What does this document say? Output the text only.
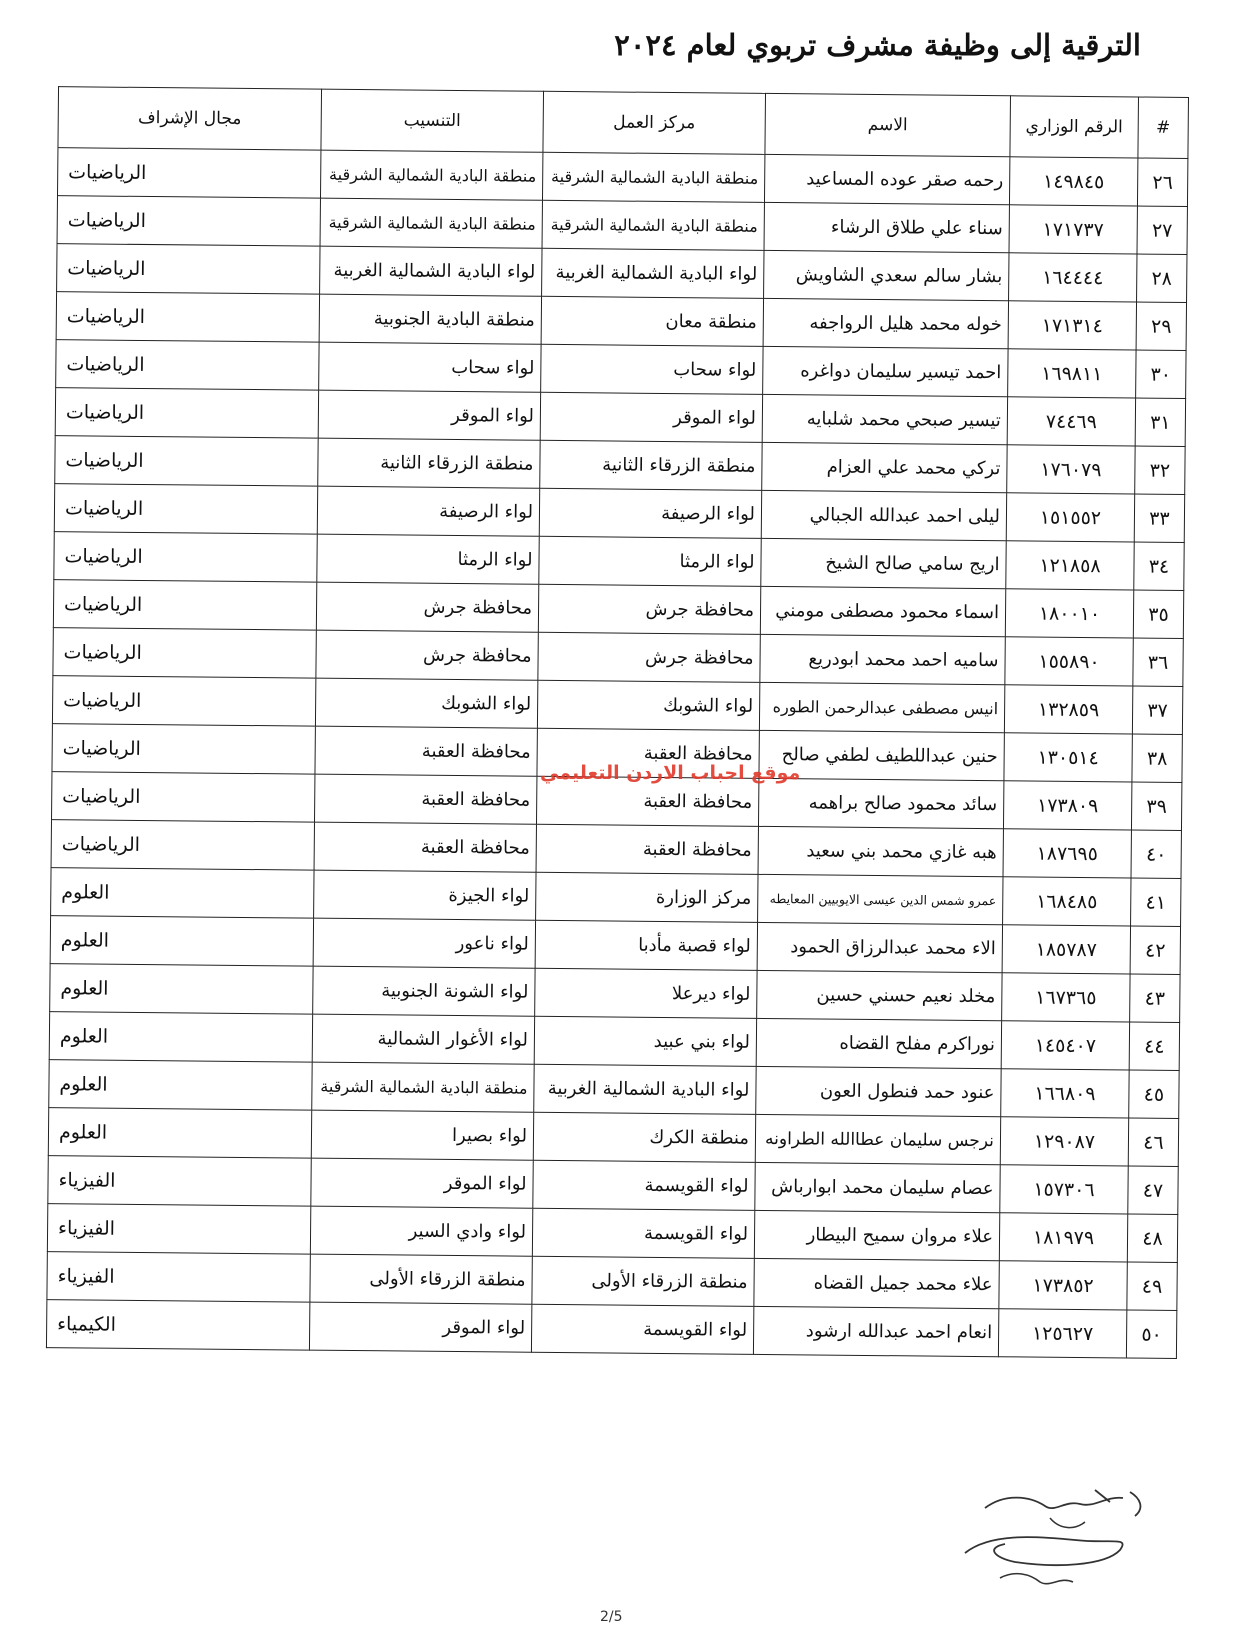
الترقية إلى وظيفة مشرف تربوي لعام ٢٠٢٤
#	الرقم الوزاري	الاسم	مركز العمل	التنسيب	مجال الإشراف
٢٦	١٤٩٨٤٥	رحمه صقر عوده المساعيد	منطقة البادية الشمالية الشرقية	منطقة البادية الشمالية الشرقية	الرياضيات
٢٧	١٧١٧٣٧	سناء علي طلاق الرشاء	منطقة البادية الشمالية الشرقية	منطقة البادية الشمالية الشرقية	الرياضيات
٢٨	١٦٤٤٤٤	بشار سالم سعدي الشاويش	لواء البادية الشمالية الغربية	لواء البادية الشمالية الغربية	الرياضيات
٢٩	١٧١٣١٤	خوله محمد هليل الرواجفه	منطقة معان	منطقة البادية الجنوبية	الرياضيات
٣٠	١٦٩٨١١	احمد تيسير سليمان دواغره	لواء سحاب	لواء سحاب	الرياضيات
٣١	٧٤٤٦٩	تيسير صبحي محمد شلبايه	لواء الموقر	لواء الموقر	الرياضيات
٣٢	١٧٦٠٧٩	تركي محمد علي العزام	منطقة الزرقاء الثانية	منطقة الزرقاء الثانية	الرياضيات
٣٣	١٥١٥٥٢	ليلى احمد عبدالله الجبالي	لواء الرصيفة	لواء الرصيفة	الرياضيات
٣٤	١٢١٨٥٨	اريج سامي صالح الشيخ	لواء الرمثا	لواء الرمثا	الرياضيات
٣٥	١٨٠٠١٠	اسماء محمود مصطفى مومني	محافظة جرش	محافظة جرش	الرياضيات
٣٦	١٥٥٨٩٠	ساميه احمد محمد ابودريع	محافظة جرش	محافظة جرش	الرياضيات
٣٧	١٣٢٨٥٩	انيس مصطفى عبدالرحمن الطوره	لواء الشوبك	لواء الشوبك	الرياضيات
٣٨	١٣٠٥١٤	حنين عبداللطيف لطفي صالح	محافظة العقبة	محافظة العقبة	الرياضيات
٣٩	١٧٣٨٠٩	سائد محمود صالح براهمه	محافظة العقبة	محافظة العقبة	الرياضيات
٤٠	١٨٧٦٩٥	هبه غازي محمد بني سعيد	محافظة العقبة	محافظة العقبة	الرياضيات
٤١	١٦٨٤٨٥	عمرو شمس الدين عيسى الايوبيين المعايطه	مركز الوزارة	لواء الجيزة	العلوم
٤٢	١٨٥٧٨٧	الاء محمد عبدالرزاق الحمود	لواء قصبة مأدبا	لواء ناعور	العلوم
٤٣	١٦٧٣٦٥	مخلد نعيم حسني حسين	لواء ديرعلا	لواء الشونة الجنوبية	العلوم
٤٤	١٤٥٤٠٧	نوراكرم مفلح القضاه	لواء بني عبيد	لواء الأغوار الشمالية	العلوم
٤٥	١٦٦٨٠٩	عنود حمد فنطول العون	لواء البادية الشمالية الغربية	منطقة البادية الشمالية الشرقية	العلوم
٤٦	١٢٩٠٨٧	نرجس سليمان عطاالله الطراونه	منطقة الكرك	لواء بصيرا	العلوم
٤٧	١٥٧٣٠٦	عصام سليمان محمد ابوارباش	لواء القويسمة	لواء الموقر	الفيزياء
٤٨	١٨١٩٧٩	علاء مروان سميح البيطار	لواء القويسمة	لواء وادي السير	الفيزياء
٤٩	١٧٣٨٥٢	علاء محمد جميل القضاه	منطقة الزرقاء الأولى	منطقة الزرقاء الأولى	الفيزياء
٥٠	١٢٥٦٢٧	انعام احمد عبدالله ارشود	لواء القويسمة	لواء الموقر	الكيمياء
موقع احباب الاردن التعليمي
2/5
